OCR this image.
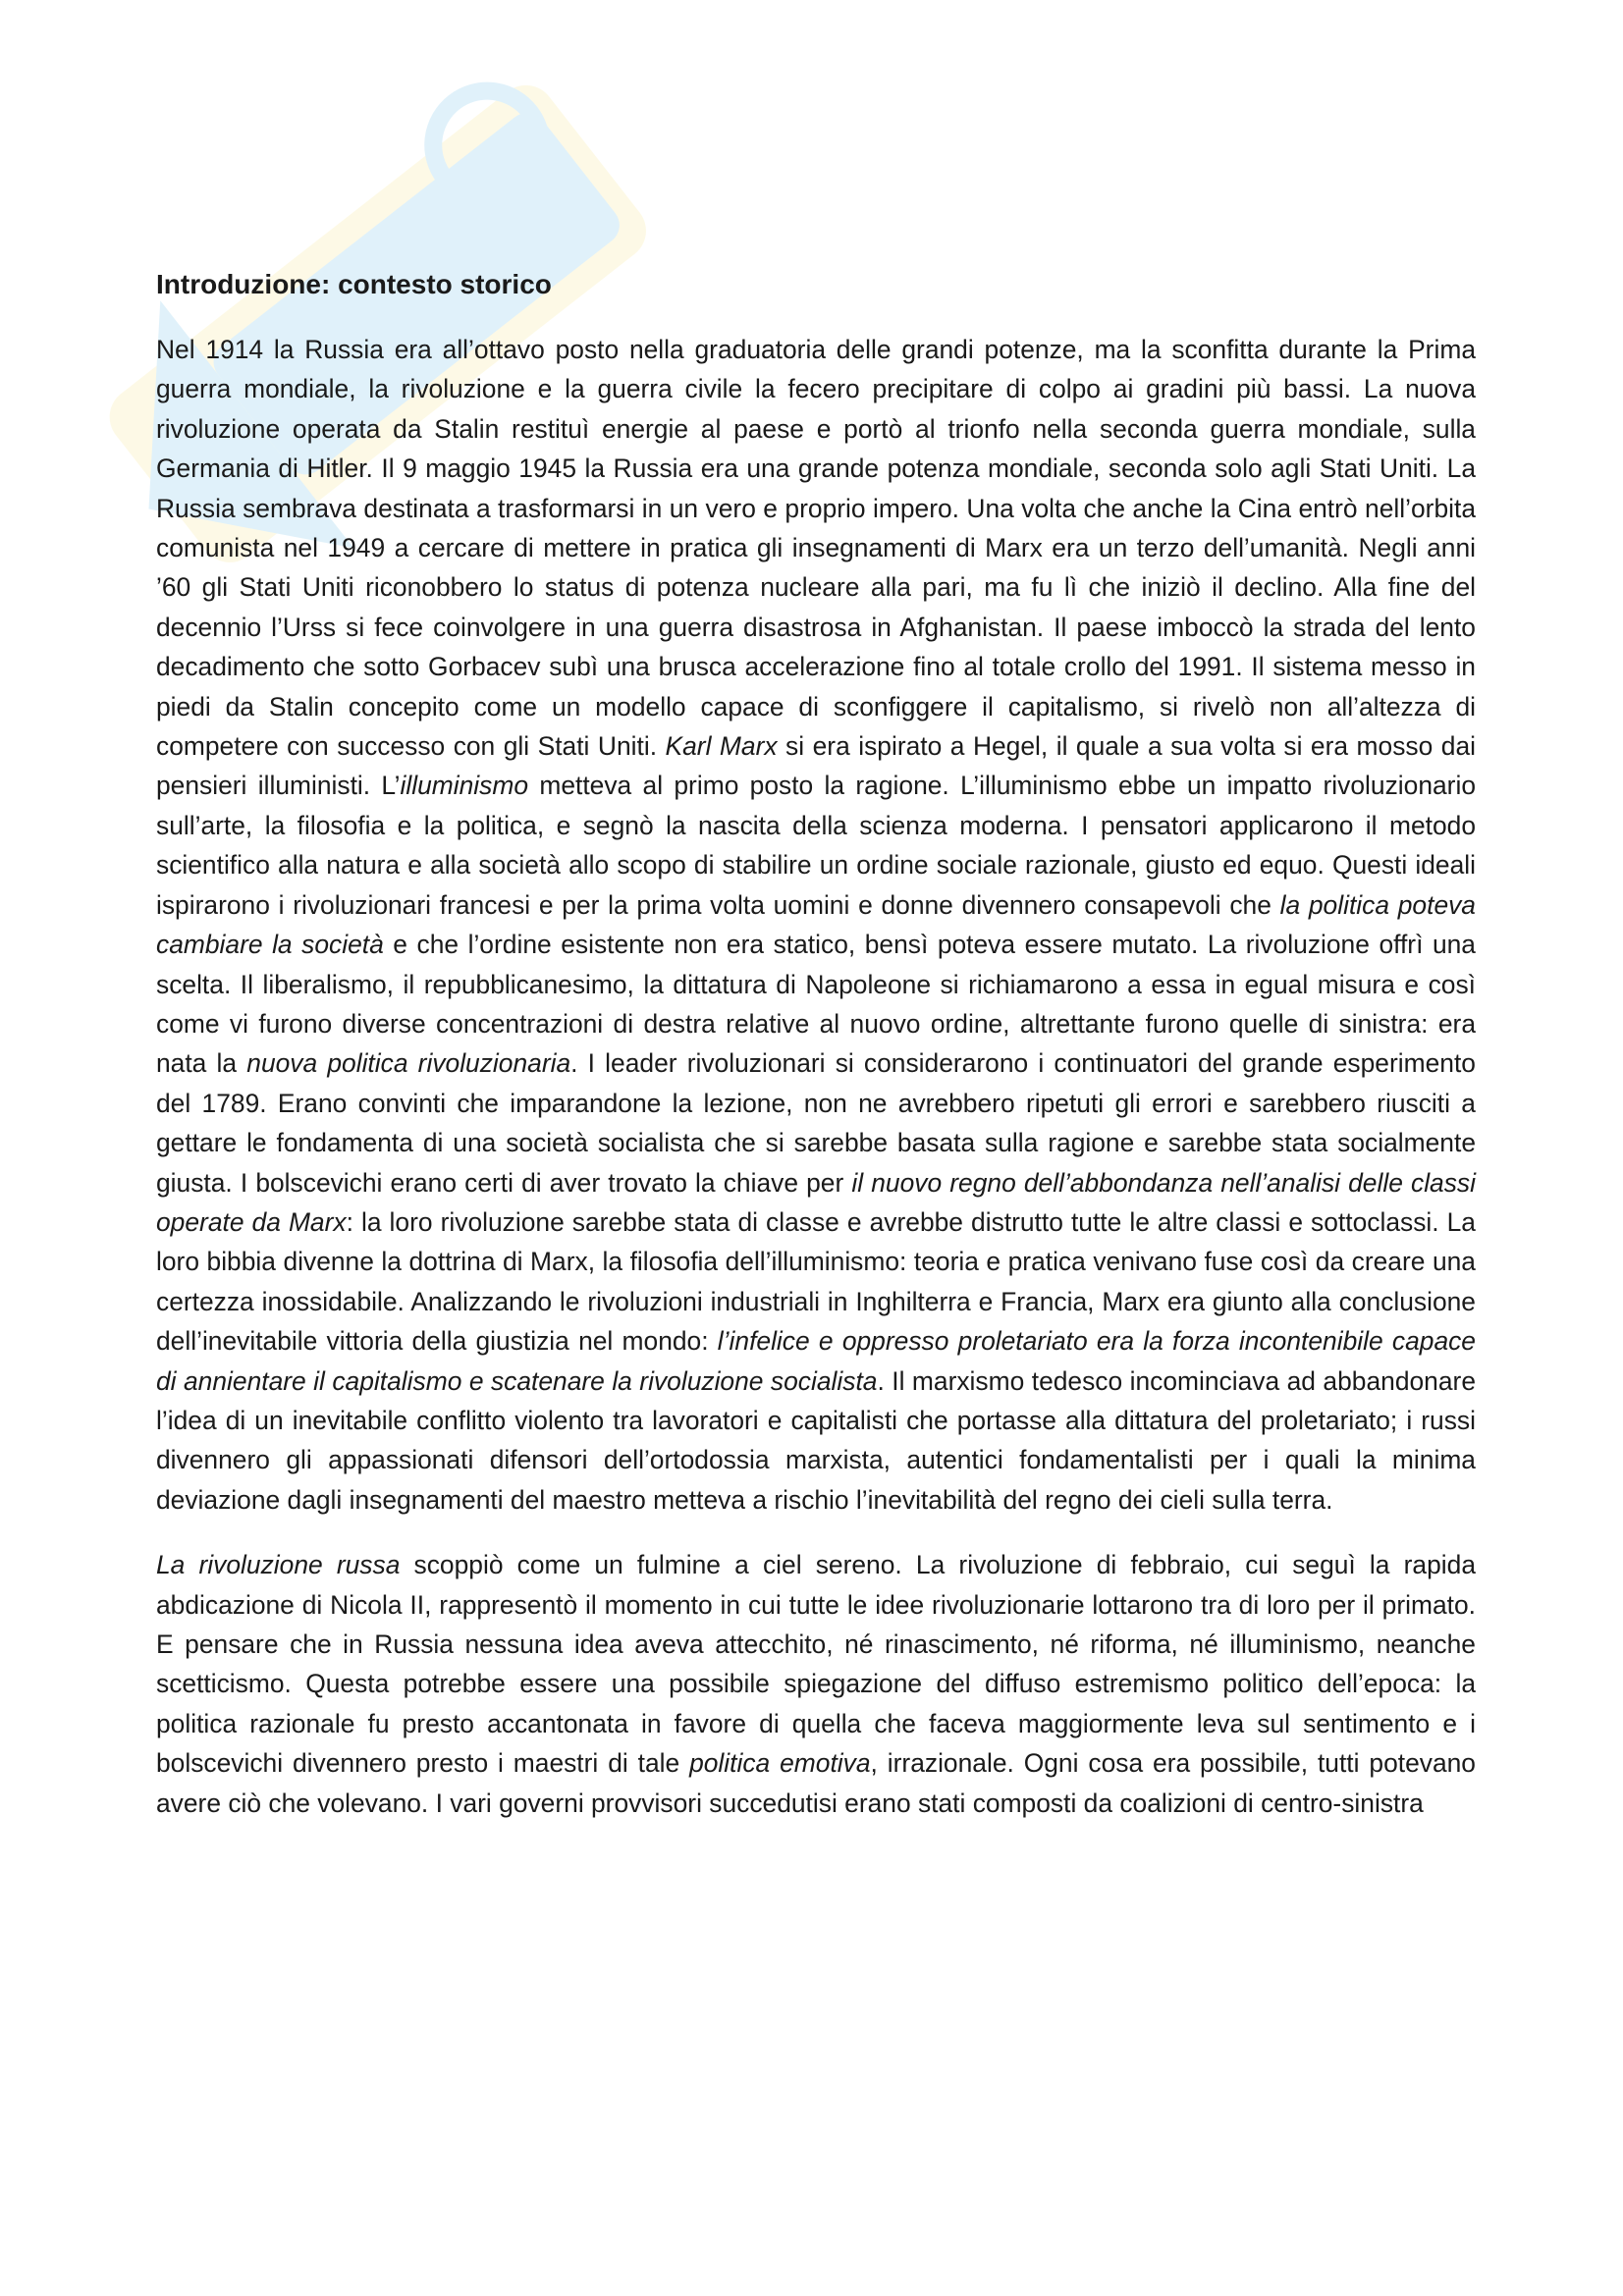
Introduzione: contesto storico

Nel 1914 la Russia era all’ottavo posto nella graduatoria delle grandi potenze, ma la sconfitta durante la Prima guerra mondiale, la rivoluzione e la guerra civile la fecero precipitare di colpo ai gradini più bassi. La nuova rivoluzione operata da Stalin restituì energie al paese e portò al trionfo nella seconda guerra mondiale, sulla Germania di Hitler. Il 9 maggio 1945 la Russia era una grande potenza mondiale, seconda solo agli Stati Uniti. La Russia sembrava destinata a trasformarsi in un vero e proprio impero. Una volta che anche la Cina entrò nell’orbita comunista nel 1949 a cercare di mettere in pratica gli insegnamenti di Marx era un terzo dell’umanità. Negli anni ’60 gli Stati Uniti riconobbero lo status di potenza nucleare alla pari, ma fu lì che iniziò il declino. Alla fine del decennio l’Urss si fece coinvolgere in una guerra disastrosa in Afghanistan. Il paese imboccò la strada del lento decadimento che sotto Gorbacev subì una brusca accelerazione fino al totale crollo del 1991. Il sistema messo in piedi da Stalin concepito come un modello capace di sconfiggere il capitalismo, si rivelò non all’altezza di competere con successo con gli Stati Uniti. Karl Marx si era ispirato a Hegel, il quale a sua volta si era mosso dai pensieri illuministi. L’illuminismo metteva al primo posto la ragione. L’illuminismo ebbe un impatto rivoluzionario sull’arte, la filosofia e la politica, e segnò la nascita della scienza moderna. I pensatori applicarono il metodo scientifico alla natura e alla società allo scopo di stabilire un ordine sociale razionale, giusto ed equo. Questi ideali ispirarono i rivoluzionari francesi e per la prima volta uomini e donne divennero consapevoli che la politica poteva cambiare la società e che l’ordine esistente non era statico, bensì poteva essere mutato. La rivoluzione offrì una scelta. Il liberalismo, il repubblicanesimo, la dittatura di Napoleone si richiamarono a essa in egual misura e così come vi furono diverse concentrazioni di destra relative al nuovo ordine, altrettante furono quelle di sinistra: era nata la nuova politica rivoluzionaria. I leader rivoluzionari si considerarono i continuatori del grande esperimento del 1789. Erano convinti che imparandone la lezione, non ne avrebbero ripetuti gli errori e sarebbero riusciti a gettare le fondamenta di una società socialista che si sarebbe basata sulla ragione e sarebbe stata socialmente giusta. I bolscevichi erano certi di aver trovato la chiave per il nuovo regno dell’abbondanza nell’analisi delle classi operate da Marx: la loro rivoluzione sarebbe stata di classe e avrebbe distrutto tutte le altre classi e sottoclassi. La loro bibbia divenne la dottrina di Marx, la filosofia dell’illuminismo: teoria e pratica venivano fuse così da creare una certezza inossidabile. Analizzando le rivoluzioni industriali in Inghilterra e Francia, Marx era giunto alla conclusione dell’inevitabile vittoria della giustizia nel mondo: l’infelice e oppresso proletariato era la forza incontenibile capace di annientare il capitalismo e scatenare la rivoluzione socialista. Il marxismo tedesco incominciava ad abbandonare l’idea di un inevitabile conflitto violento tra lavoratori e capitalisti che portasse alla dittatura del proletariato; i russi divennero gli appassionati difensori dell’ortodossia marxista, autentici fondamentalisti per i quali la minima deviazione dagli insegnamenti del maestro metteva a rischio l’inevitabilità del regno dei cieli sulla terra.

La rivoluzione russa scoppiò come un fulmine a ciel sereno. La rivoluzione di febbraio, cui seguì la rapida abdicazione di Nicola II, rappresentò il momento in cui tutte le idee rivoluzionarie lottarono tra di loro per il primato. E pensare che in Russia nessuna idea aveva attecchito, né rinascimento, né riforma, né illuminismo, neanche scetticismo. Questa potrebbe essere una possibile spiegazione del diffuso estremismo politico dell’epoca: la politica razionale fu presto accantonata in favore di quella che faceva maggiormente leva sul sentimento e i bolscevichi divennero presto i maestri di tale politica emotiva, irrazionale. Ogni cosa era possibile, tutti potevano avere ciò che volevano. I vari governi provvisori succedutisi erano stati composti da coalizioni di centro-sinistra
